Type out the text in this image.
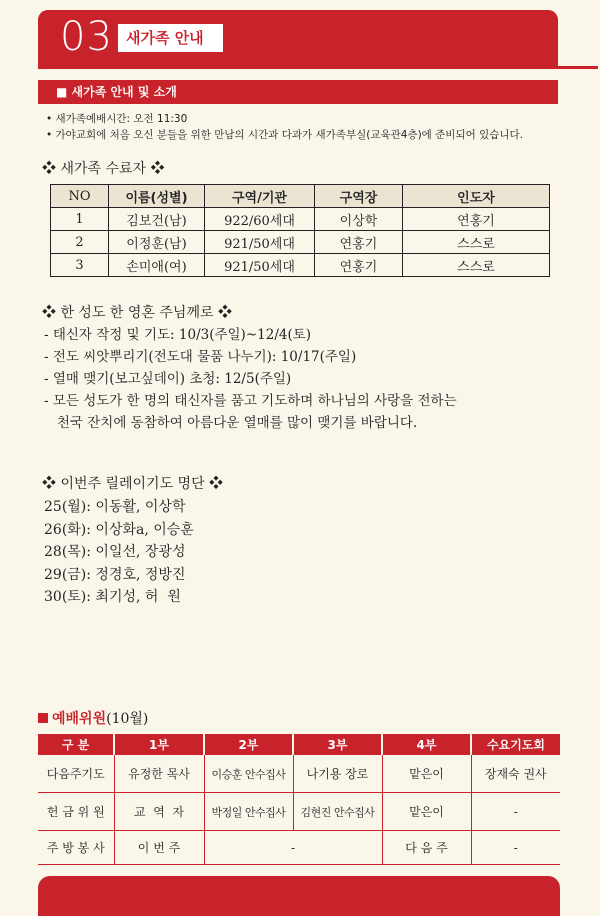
03 새가족 안내
■ 새가족 안내 및 소개
• 새가족예배시간: 오전 11:30
• 가야교회에 처음 오신 분들을 위한 만남의 시간과 다과가 새가족부실(교육관4층)에 준비되어 있습니다.
❖ 새가족 수료자 ❖
NO	이름(성별)	구역/기관	구역장	인도자
1	김보건(남)	922/60세대	이상학	연홍기
2	이정훈(남)	921/50세대	연홍기	스스로
3	손미애(여)	921/50세대	연홍기	스스로
❖ 한 성도 한 영혼 주님께로 ❖
- 태신자 작정 및 기도: 10/3(주일)~12/4(토)
- 전도 씨앗뿌리기(전도대 물품 나누기): 10/17(주일)
- 열매 맺기(보고싶데이) 초청: 12/5(주일)
- 모든 성도가 한 명의 태신자를 품고 기도하며 하나님의 사랑을 전하는
천국 잔치에 동참하여 아름다운 열매를 많이 맺기를 바랍니다.
❖ 이번주 릴레이기도 명단 ❖
25(월): 이동활, 이상학
26(화): 이상화a, 이승훈
28(목): 이일선, 장광성
29(금): 정경호, 정방진
30(토): 최기성, 허  원
예배위원(10월)
구 분	1부	2부	3부	4부	수요기도회
다음주기도	유정한 목사	이승훈 안수집사	나기용 장로	맡은이	장재숙 권사
헌 금 위 원	교  역  자	박정일 안수집사	김현진 안수집사	맡은이	-
주 방 봉 사	이 번 주	-		다 음 주	-
